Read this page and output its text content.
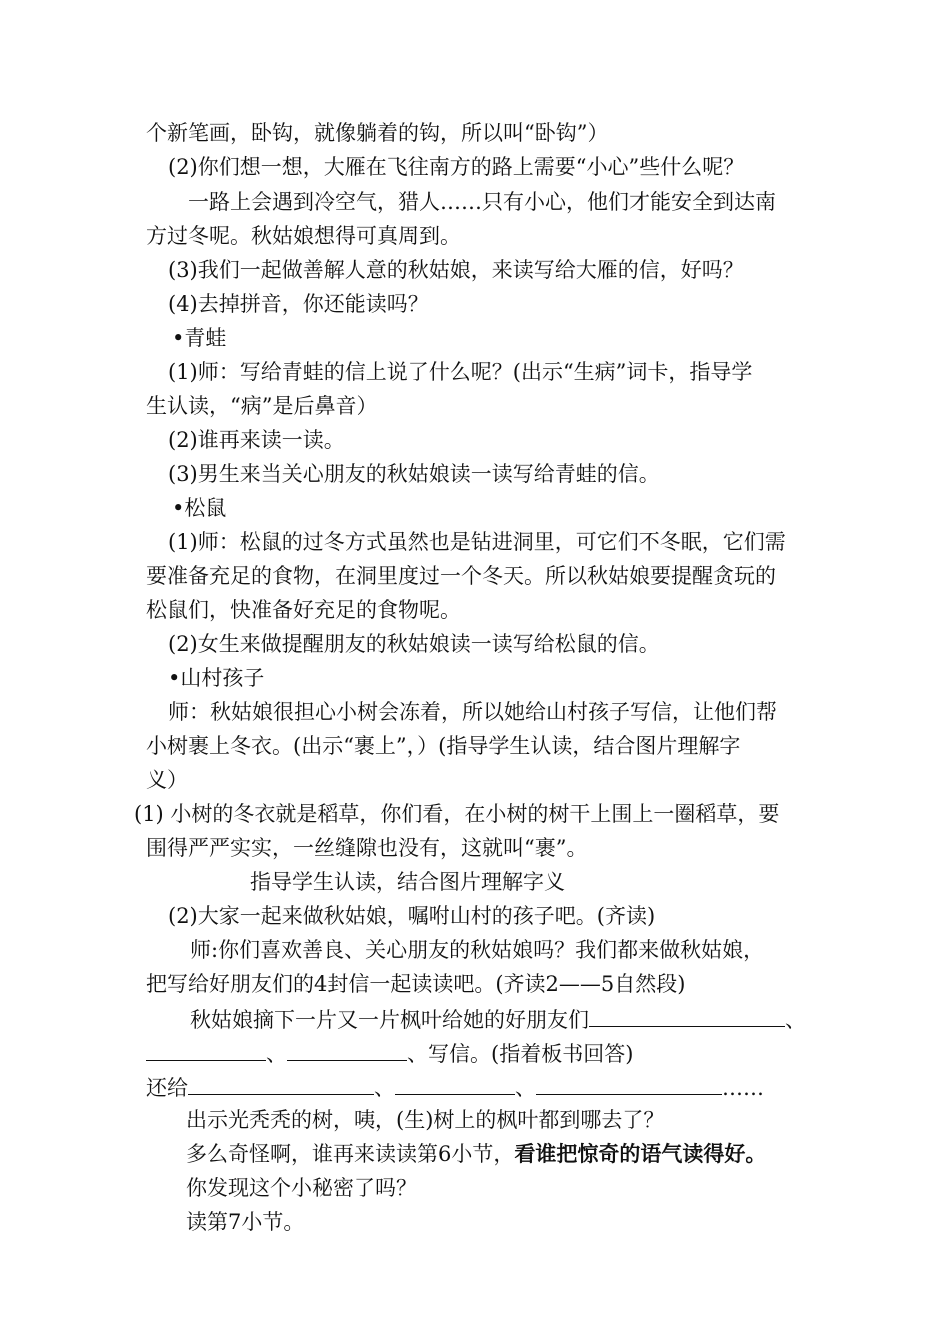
个新笔画，卧钩，就像躺着的钩，所以叫“卧钩”）
(2)你们想一想，大雁在飞往南方的路上需要“小心”些什么呢？
一路上会遇到冷空气，猎人……只有小心，他们才能安全到达南
方过冬呢。秋姑娘想得可真周到。
(3)我们一起做善解人意的秋姑娘，来读写给大雁的信，好吗？
(4)去掉拼音，你还能读吗？
•青蛙
(1)师：写给青蛙的信上说了什么呢？(出示“生病”词卡，指导学
生认读，“病”是后鼻音）
(2)谁再来读一读。
(3)男生来当关心朋友的秋姑娘读一读写给青蛙的信。
•松鼠
(1)师：松鼠的过冬方式虽然也是钻进洞里，可它们不冬眠，它们需
要准备充足的食物，在洞里度过一个冬天。所以秋姑娘要提醒贪玩的
松鼠们，快准备好充足的食物呢。
(2)女生来做提醒朋友的秋姑娘读一读写给松鼠的信。
•山村孩子
师：秋姑娘很担心小树会冻着，所以她给山村孩子写信，让他们帮
小树裹上冬衣。(出示“裹上”，）(指导学生认读，结合图片理解字
义）
(1) 小树的冬衣就是稻草，你们看，在小树的树干上围上一圈稻草，要
围得严严实实，一丝缝隙也没有，这就叫“裹”。
指导学生认读，结合图片理解字义
(2)大家一起来做秋姑娘，嘱咐山村的孩子吧。(齐读)
师:你们喜欢善良、关心朋友的秋姑娘吗？我们都来做秋姑娘，
把写给好朋友们的4封信一起读读吧。(齐读2——5自然段)
秋姑娘摘下一片又一片枫叶给她的好朋友们	、
、	、写信。(指着板书回答)
还给	、	、	……
出示光秃秃的树，咦，(生)树上的枫叶都到哪去了？
多么奇怪啊，谁再来读读第6小节，看谁把惊奇的语气读得好。
你发现这个小秘密了吗？
读第7小节。
